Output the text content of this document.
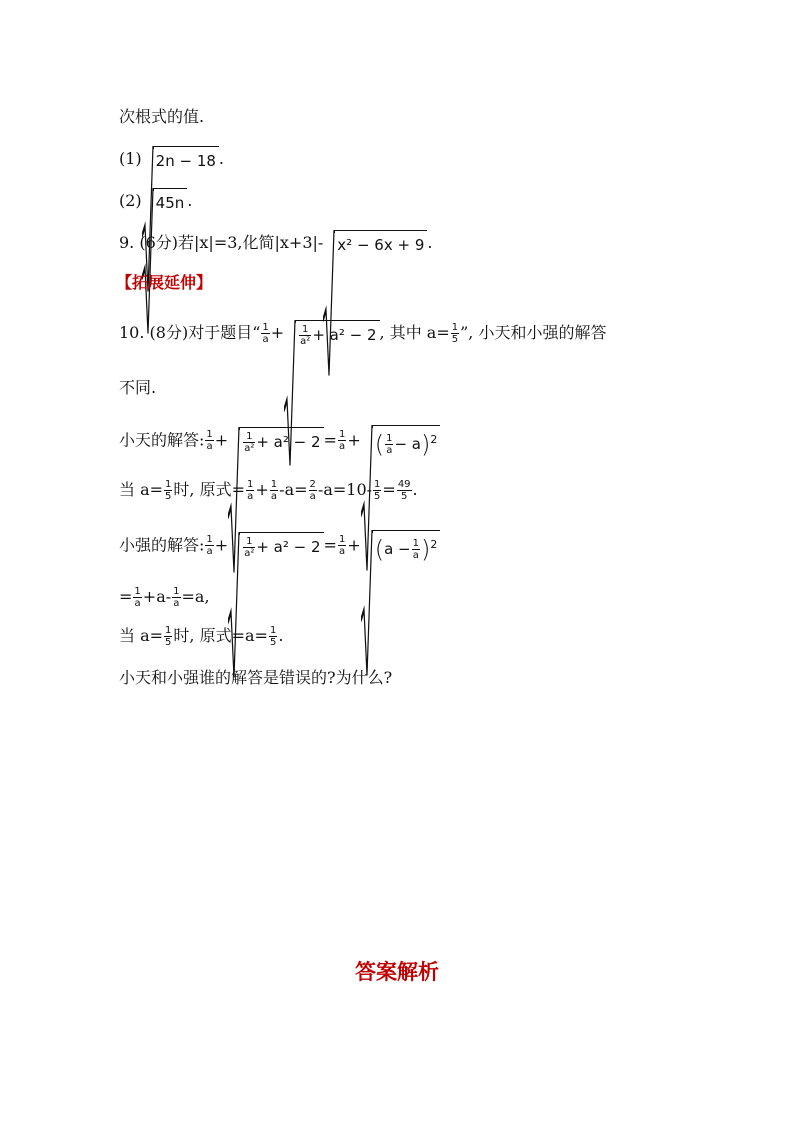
次根式的值.
(1) 2n − 18 .
(2) 45n .
9. (6分)若|x|=3,化简|x+3|- x² − 6x + 9 .
【拓展延伸】
10. (8分)对于题目“ $\frac{1}{a} + \frac{1}{\text{a²}} + a^2 - 2$ , 其中 $a= \frac{1}{5}$ ”, 小天和小强的解答
不同.
小天的解答: $\frac{1}{a} + \frac{1}{\text{a²}} + a^2 - 2 = \frac{1}{a}$ + ( $\frac{1}{a} - a)^2$
当 $a= \frac{1}{5}$ 时, 原式= $\frac{1}{a} + \frac{1}{a} -a= \frac{2}{a} -a=10- \frac{1}{5} = \frac{49}{5}$ .
小强的解答: $\frac{1}{a} + \frac{1}{\text{a²}} + a^2 - 2 = \frac{1}{a} + (a - \frac{1}{a} )^2$
= $\frac{1}{a} +a- \frac{1}{a} =a$,
当 $a= \frac{1}{5}$ 时, 原式$=a= \frac{1}{5}$ .
小天和小强谁的解答是错误的?为什么?
答案解析
